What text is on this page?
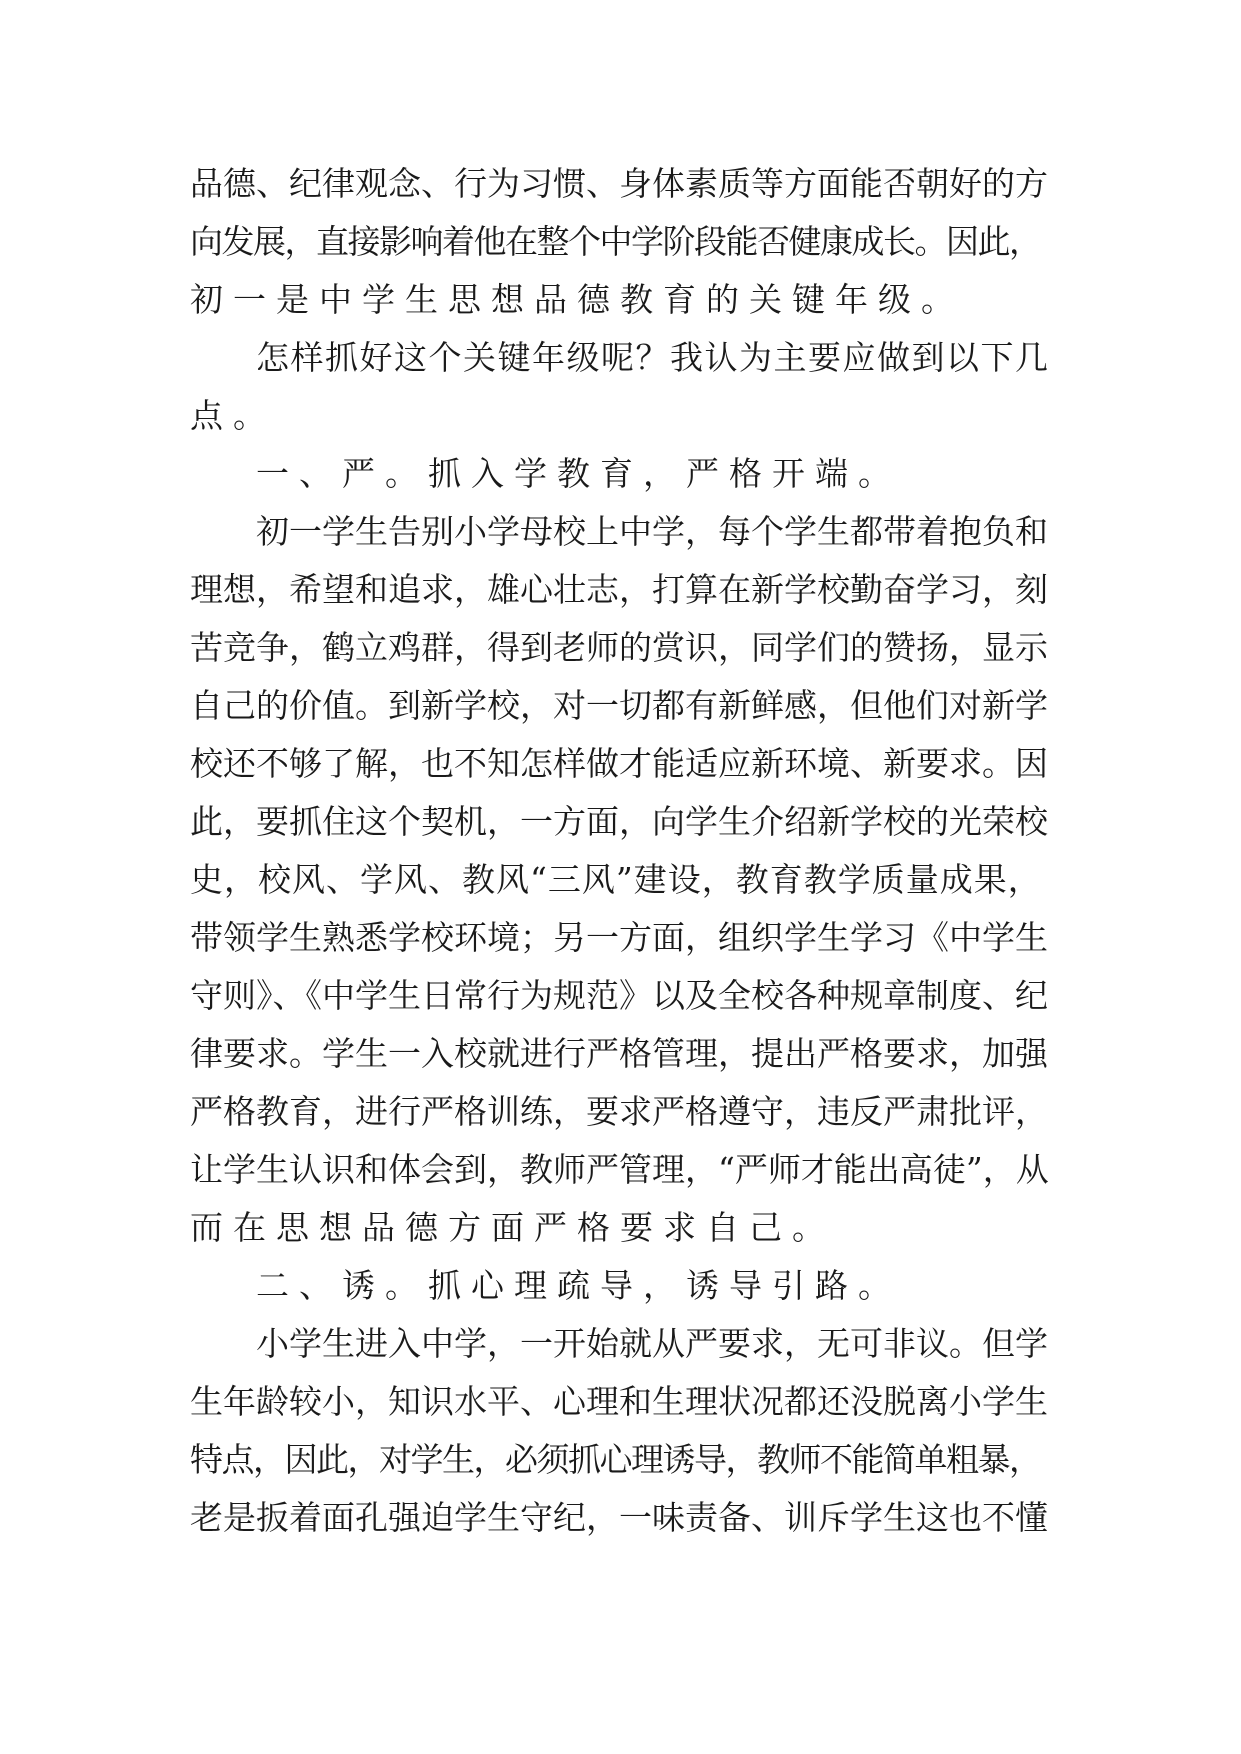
品德、纪律观念、行为习惯、身体素质等方面能否朝好的方
向发展，直接影响着他在整个中学阶段能否健康成长。因此，
初一是中学生思想品德教育的关键年级。
怎样抓好这个关键年级呢？我认为主要应做到以下几
点。
一、严。抓入学教育，严格开端。
初一学生告别小学母校上中学，每个学生都带着抱负和
理想，希望和追求，雄心壮志，打算在新学校勤奋学习，刻
苦竞争，鹤立鸡群，得到老师的赏识，同学们的赞扬，显示
自己的价值。到新学校，对一切都有新鲜感，但他们对新学
校还不够了解，也不知怎样做才能适应新环境、新要求。因
此，要抓住这个契机，一方面，向学生介绍新学校的光荣校
史，校风、学风、教风“三风”建设，教育教学质量成果，
带领学生熟悉学校环境；另一方面，组织学生学习《中学生
守则》、《中学生日常行为规范》以及全校各种规章制度、纪
律要求。学生一入校就进行严格管理，提出严格要求，加强
严格教育，进行严格训练，要求严格遵守，违反严肃批评，
让学生认识和体会到，教师严管理，“严师才能出高徒”，从
而在思想品德方面严格要求自己。
二、诱。抓心理疏导，诱导引路。
小学生进入中学，一开始就从严要求，无可非议。但学
生年龄较小，知识水平、心理和生理状况都还没脱离小学生
特点，因此，对学生，必须抓心理诱导，教师不能简单粗暴，
老是扳着面孔强迫学生守纪，一味责备、训斥学生这也不懂
